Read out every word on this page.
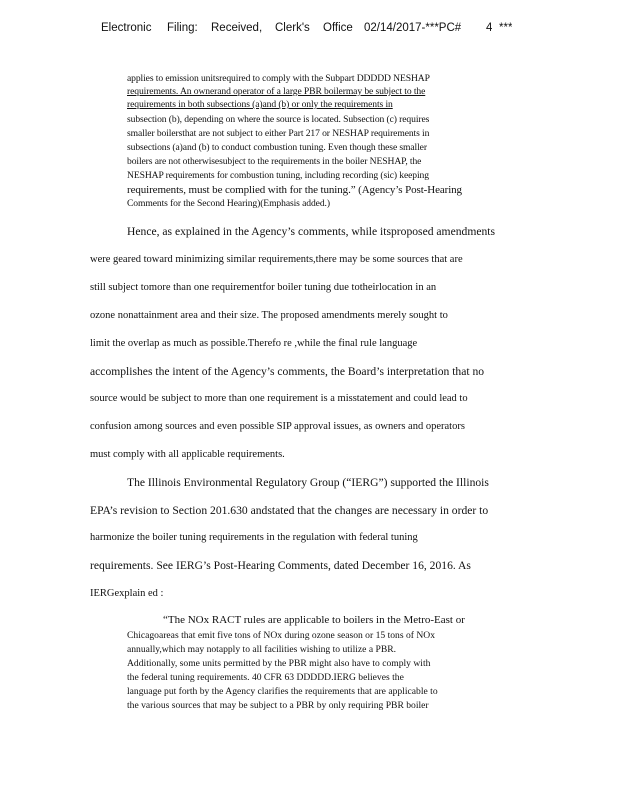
Electronic Filing: Received, Clerk's Office 02/14/2017-***PC# 4 ***
applies to emission unitsrequired to comply with the Subpart DDDDD NESHAP
requirements. An ownerand operator of a large PBR boilermay be subject to the
requirements in both subsections (a)and (b) or only the requirements in
subsection (b), depending on where the source is located. Subsection (c) requires
smaller boilersthat are not subject to either Part 217 or NESHAP requirements in
subsections (a)and (b) to conduct combustion tuning. Even though these smaller
boilers are not otherwisesubject to the requirements in the boiler NESHAP, the
NESHAP requirements for combustion tuning, including recording (sic) keeping
requirements, must be complied with for the tuning.” (Agency’s Post-Hearing
Comments for the Second Hearing)(Emphasis added.)
Hence, as explained in the Agency’s comments, while itsproposed amendments
were geared toward minimizing similar requirements,there may be some sources that are
still subject tomore than one requirementfor boiler tuning due totheirlocation in an
ozone nonattainment area and their size. The proposed amendments merely sought to
limit the overlap as much as possible.Therefo re ,while the final rule language
accomplishes the intent of the Agency’s comments, the Board’s interpretation that no
source would be subject to more than one requirement is a misstatement and could lead to
confusion among sources and even possible SIP approval issues, as owners and operators
must comply with all applicable requirements.
The Illinois Environmental Regulatory Group (“IERG”) supported the Illinois
EPA’s revision to Section 201.630 andstated that the changes are necessary in order to
harmonize the boiler tuning requirements in the regulation with federal tuning
requirements. See IERG’s Post-Hearing Comments, dated December 16, 2016. As
IERGexplain ed :
“The NOx RACT rules are applicable to boilers in the Metro-East or
Chicagoareas that emit five tons of NOx during ozone season or 15 tons of NOx
annually,which may notapply to all facilities wishing to utilize a PBR.
Additionally, some units permitted by the PBR might also have to comply with
the federal tuning requirements. 40 CFR 63 DDDDD.IERG believes the
language put forth by the Agency clarifies the requirements that are applicable to
the various sources that may be subject to a PBR by only requiring PBR boiler
